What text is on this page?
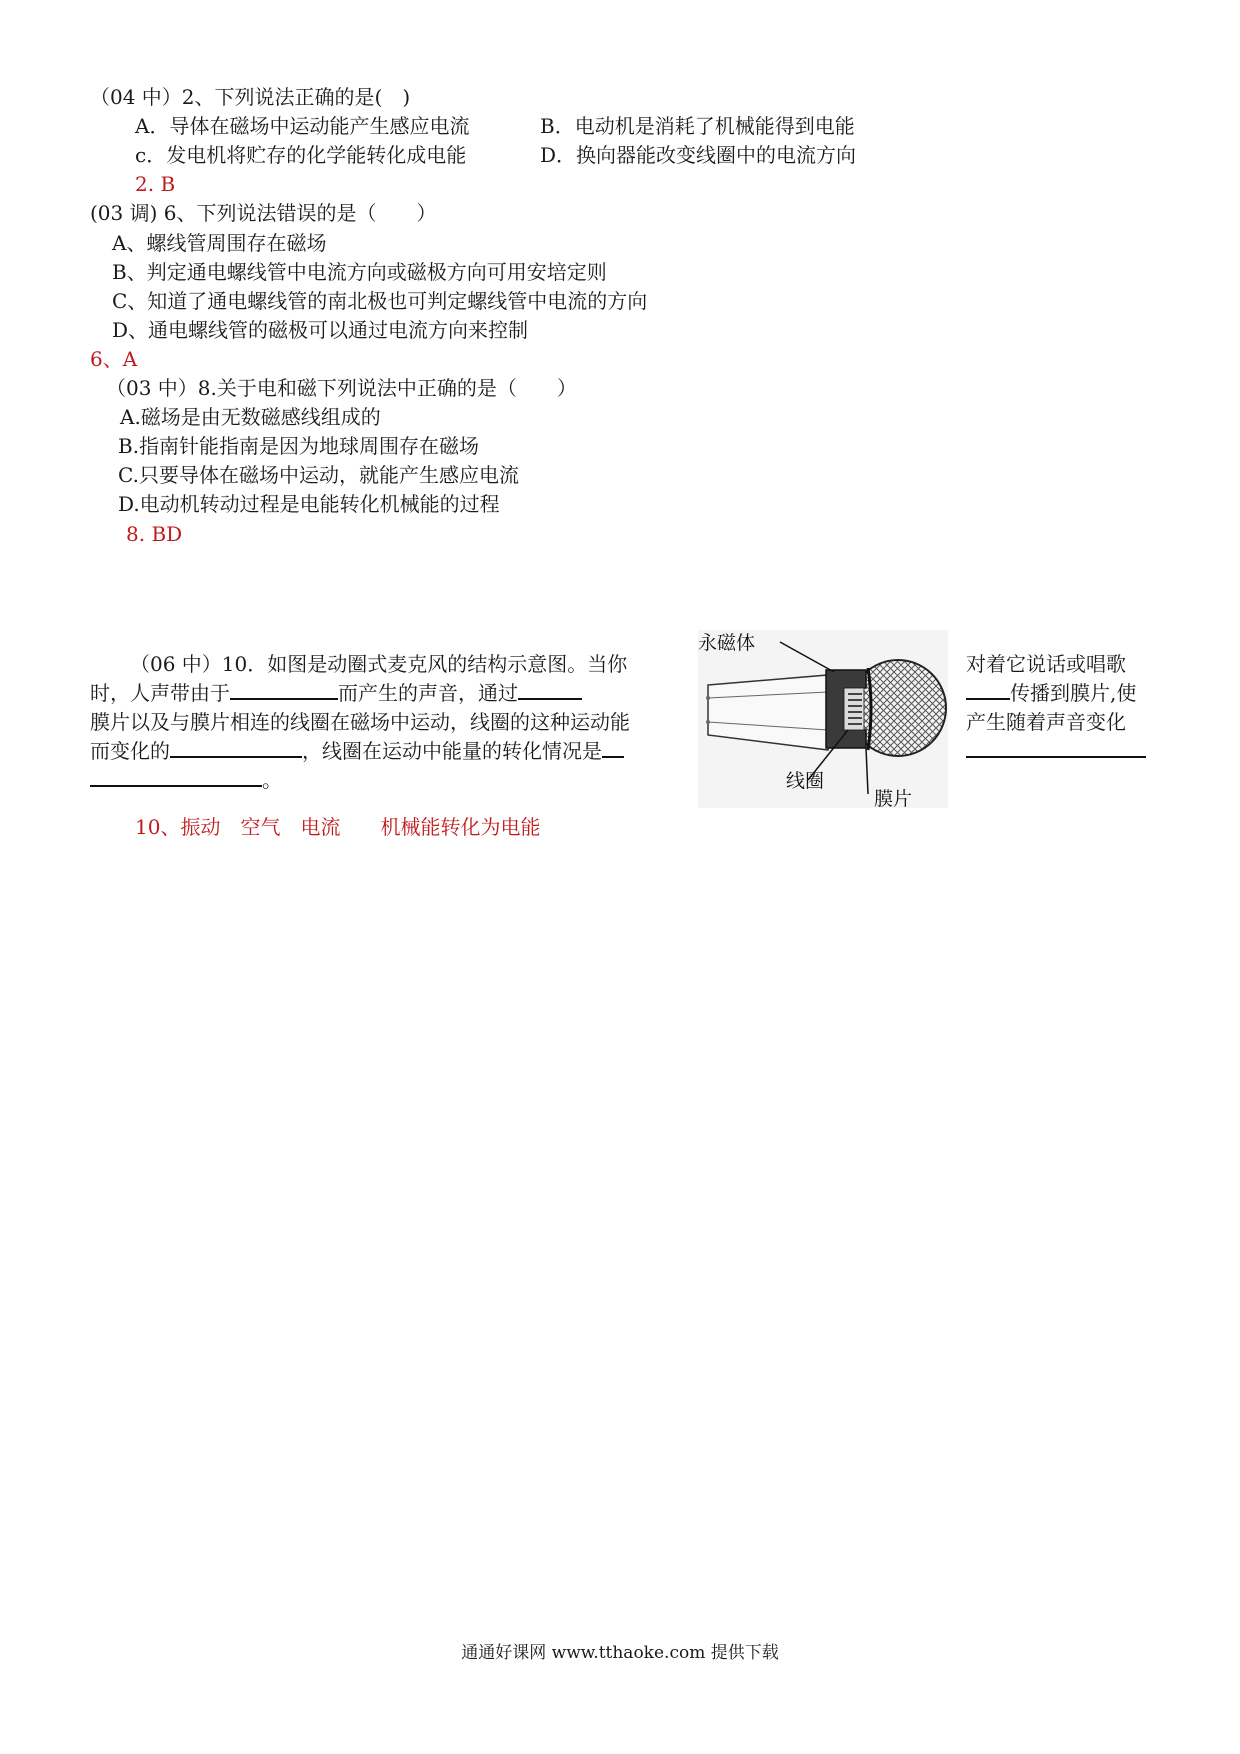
（04 中）2、下列说法正确的是(　)
A．导体在磁场中运动能产生感应电流	B．电动机是消耗了机械能得到电能
c．发电机将贮存的化学能转化成电能	D．换向器能改变线圈中的电流方向
2. B
(03 调) 6、下列说法错误的是（　　）
A、螺线管周围存在磁场
B、判定通电螺线管中电流方向或磁极方向可用安培定则
C、知道了通电螺线管的南北极也可判定螺线管中电流的方向
D、通电螺线管的磁极可以通过电流方向来控制
6、A
（03 中）8.关于电和磁下列说法中正确的是（　　）
A.磁场是由无数磁感线组成的
B.指南针能指南是因为地球周围存在磁场
C.只要导体在磁场中运动，就能产生感应电流
D.电动机转动过程是电能转化机械能的过程
8. BD
（06 中）10．如图是动圈式麦克风的结构示意图。当你	对着它说话或唱歌
时，人声带由于	而产生的声音，通过	传播到膜片,使
膜片以及与膜片相连的线圈在磁场中运动，线圈的这种运动能	产生随着声音变化
而变化的	，线圈在运动中能量的转化情况是
。
10、振动　空气　电流　　机械能转化为电能
永磁体
线圈
膜片
通通好课网 www.tthaoke.com 提供下载
